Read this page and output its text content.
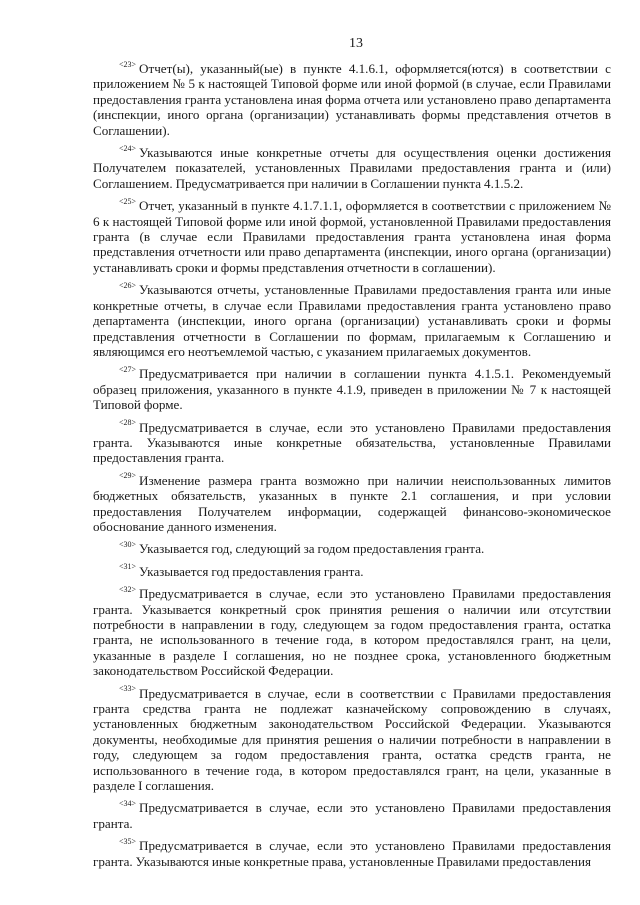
13

$^{<23>}$ Отчет(ы), указанный(ые) в пункте 4.1.6.1, оформляется(ются) в соответствии с приложением № 5 к настоящей Типовой форме или иной формой (в случае, если Правилами предоставления гранта установлена иная форма отчета или установлено право департамента (инспекции, иного органа (организации) устанавливать формы представления отчетов в Соглашении).

$^{<24>}$ Указываются иные конкретные отчеты для осуществления оценки достижения Получателем показателей, установленных Правилами предоставления гранта и (или) Соглашением. Предусматривается при наличии в Соглашении пункта 4.1.5.2.

$^{<25>}$ Отчет, указанный в пункте 4.1.7.1.1, оформляется в соответствии с приложением № 6 к настоящей Типовой форме или иной формой, установленной Правилами предоставления гранта (в случае если Правилами предоставления гранта установлена иная форма представления отчетности или право департамента (инспекции, иного органа (организации) устанавливать сроки и формы представления отчетности в соглашении).

$^{<26>}$ Указываются отчеты, установленные Правилами предоставления гранта или иные конкретные отчеты, в случае если Правилами предоставления гранта установлено право департамента (инспекции, иного органа (организации) устанавливать сроки и формы представления отчетности в Соглашении по формам, прилагаемым к Соглашению и являющимся его неотъемлемой частью, с указанием прилагаемых документов.

$^{<27>}$ Предусматривается при наличии в соглашении пункта 4.1.5.1. Рекомендуемый образец приложения, указанного в пункте 4.1.9, приведен в приложении № 7 к настоящей Типовой форме.

$^{<28>}$ Предусматривается в случае, если это установлено Правилами предоставления гранта. Указываются иные конкретные обязательства, установленные Правилами предоставления гранта.

$^{<29>}$ Изменение размера гранта возможно при наличии неиспользованных лимитов бюджетных обязательств, указанных в пункте 2.1 соглашения, и при условии предоставления Получателем информации, содержащей финансово-экономическое обоснование данного изменения.

$^{<30>}$ Указывается год, следующий за годом предоставления гранта.

$^{<31>}$ Указывается год предоставления гранта.

$^{<32>}$ Предусматривается в случае, если это установлено Правилами предоставления гранта. Указывается конкретный срок принятия решения о наличии или отсутствии потребности в направлении в году, следующем за годом предоставления гранта, остатка гранта, не использованного в течение года, в котором предоставлялся грант, на цели, указанные в разделе I соглашения, но не позднее срока, установленного бюджетным законодательством Российской Федерации.

$^{<33>}$ Предусматривается в случае, если в соответствии с Правилами предоставления гранта средства гранта не подлежат казначейскому сопровождению в случаях, установленных бюджетным законодательством Российской Федерации. Указываются документы, необходимые для принятия решения о наличии потребности в направлении в году, следующем за годом предоставления гранта, остатка средств гранта, не использованного в течение года, в котором предоставлялся грант, на цели, указанные в разделе I соглашения.

$^{<34>}$ Предусматривается в случае, если это установлено Правилами предоставления гранта.

$^{<35>}$ Предусматривается в случае, если это установлено Правилами предоставления гранта. Указываются иные конкретные права, установленные Правилами предоставления
